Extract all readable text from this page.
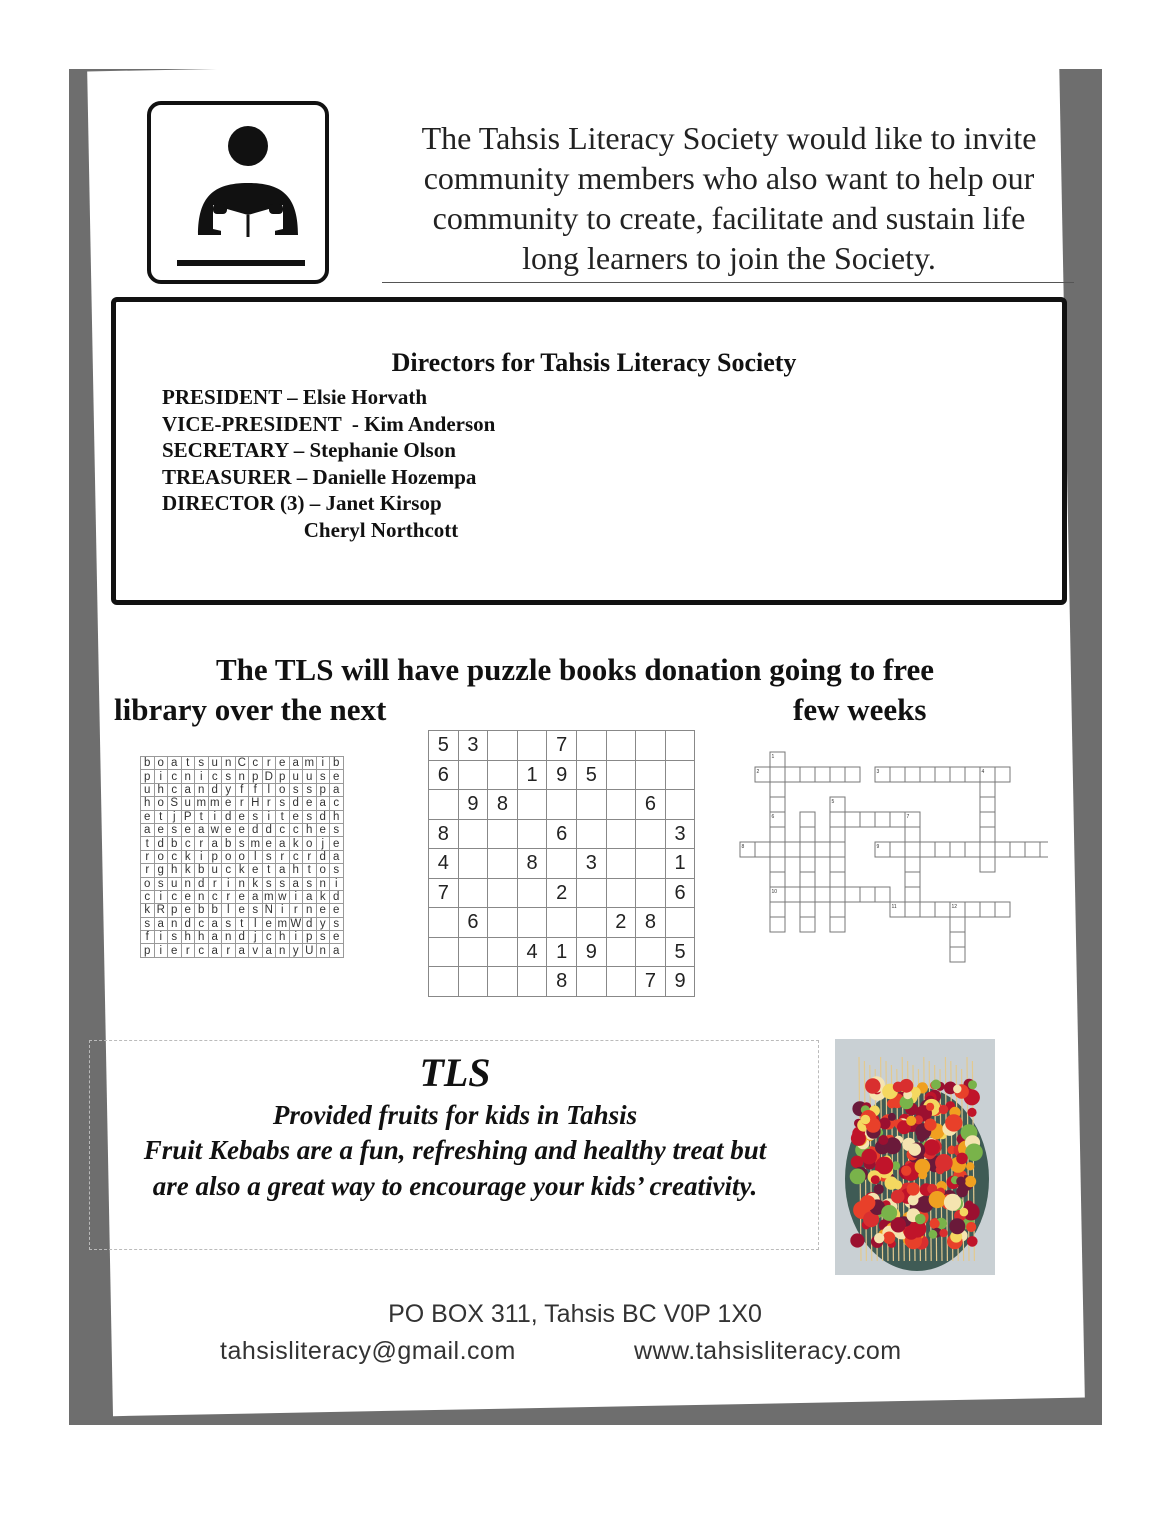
The Tahsis Literacy Society would like to invite
community members who also want to help our
community to create, facilitate and sustain life
long learners to join the Society.
Directors for Tahsis Literacy Society
PRESIDENT – Elsie Horvath
VICE-PRESIDENT  - Kim Anderson
SECRETARY – Stephanie Olson
TREASURER – Danielle Hozempa
DIRECTOR (3) – Janet Kirsop
Cheryl Northcott
The TLS will have puzzle books donation going to free
library over the next	few weeks
b	o	a	t	s	u	n	C	c	r	e	a	m	i	b
p	i	c	n	i	c	s	n	p	D	p	u	u	s	e
u	h	c	a	n	d	y	f	f	l	o	s	s	p	a
h	o	S	u	m	m	e	r	H	r	s	d	e	a	c
e	t	j	P	t	i	d	e	s	i	t	e	s	d	h
a	e	s	e	a	w	e	e	d	d	c	c	h	e	s
t	d	b	c	r	a	b	s	m	e	a	k	o	j	e
r	o	c	k	i	p	o	o	l	s	r	c	r	d	a
r	g	h	k	b	u	c	k	e	t	a	h	t	o	s
o	s	u	n	d	r	i	n	k	s	s	a	s	n	i
c	i	c	e	n	c	r	e	a	m	w	i	a	k	d
k	R	p	e	b	b	l	e	s	N	i	r	n	e	e
s	a	n	d	c	a	s	t	l	e	m	W	d	y	s
f	i	s	h	h	a	n	d	j	c	h	i	p	s	e
p	i	e	r	c	a	r	a	v	a	n	y	U	n	a
5	3			7				
6			1	9	5			
	9	8					6	
8				6				3
4			8		3			1
7				2				6
	6					2	8	
			4	1	9			5
				8			7	9
1
2	3	4
5
6	7
8	9
10
11	12
TLS
Provided fruits for kids in Tahsis
Fruit Kebabs are a fun, refreshing and healthy treat but
are also a great way to encourage your kids’ creativity.
PO BOX 311, Tahsis BC V0P 1X0
tahsisliteracy@gmail.com	www.tahsisliteracy.com
